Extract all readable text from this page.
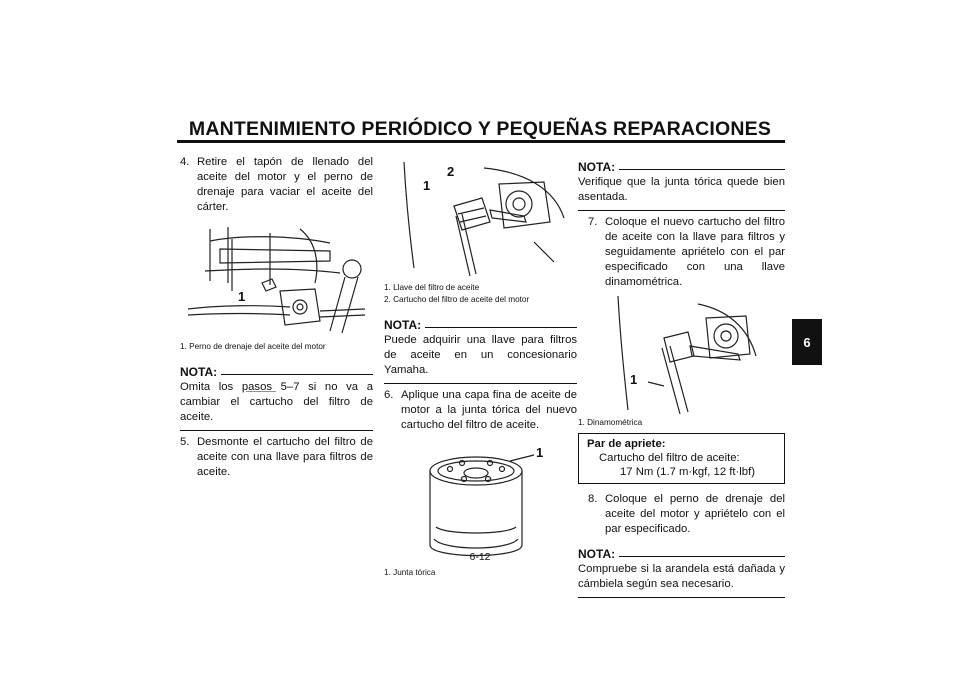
MANTENIMIENTO PERIÓDICO Y PEQUEÑAS REPARACIONES
6
6-12
4. Retire el tapón de llenado del aceite del motor y el perno de drenaje para vaciar el aceite del cárter.
1
1. Perno de drenaje del aceite del motor
NOTA:
Omita los pasos 5–7 si no va a cambiar el cartucho del filtro de aceite.
5. Desmonte el cartucho del filtro de aceite con una llave para filtros de aceite.
1
2
1. Llave del filtro de aceite
2. Cartucho del filtro de aceite del motor
NOTA:
Puede adquirir una llave para filtros de aceite en un concesionario Yamaha.
6. Aplique una capa fina de aceite de motor a la junta tórica del nuevo cartucho del filtro de aceite.
1
1. Junta tórica
NOTA:
Verifique que la junta tórica quede bien asentada.
7. Coloque el nuevo cartucho del filtro de aceite con la llave para filtros y seguidamente apriételo con el par especificado con una llave dinamométrica.
1
1. Dinamométrica
Par de apriete:
Cartucho del filtro de aceite:
17 Nm (1.7 m·kgf, 12 ft·lbf)
8. Coloque el perno de drenaje del aceite del motor y apriételo con el par especificado.
NOTA:
Compruebe si la arandela está dañada y cámbiela según sea necesario.
